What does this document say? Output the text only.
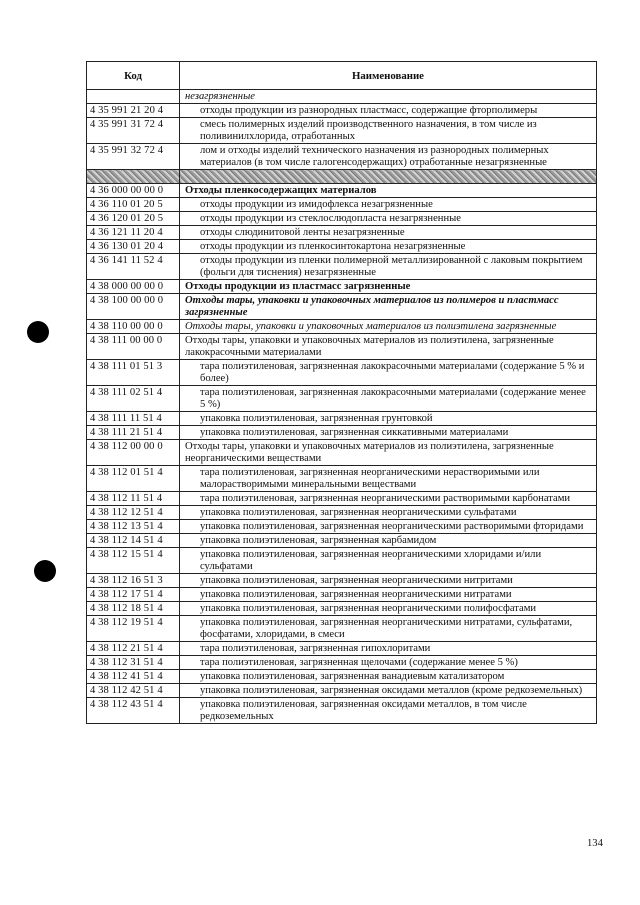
Код	Наименование
	незагрязненные
4 35 991 21 20 4	отходы продукции из разнородных пластмасс, содержащие фторполимеры
4 35 991 31 72 4	смесь полимерных изделий производственного назначения, в том числе из поливинилхлорида, отработанных
4 35 991 32 72 4	лом и отходы изделий технического назначения из разнородных полимерных материалов (в том числе галогенсодержащих) отработанные незагрязненные

4 36 000 00 00 0	Отходы пленкосодержащих материалов
4 36 110 01 20 5	отходы продукции из имидофлекса незагрязненные
4 36 120 01 20 5	отходы продукции из стеклослюдопласта незагрязненные
4 36 121 11 20 4	отходы слюдинитовой ленты незагрязненные
4 36 130 01 20 4	отходы продукции из пленкосинтокартона незагрязненные
4 36 141 11 52 4	отходы продукции из пленки полимерной металлизированной с лаковым покрытием (фольги для тиснения) незагрязненные
4 38 000 00 00 0	Отходы продукции из пластмасс загрязненные
4 38 100 00 00 0	Отходы тары, упаковки и упаковочных материалов из полимеров и пластмасс загрязненные
4 38 110 00 00 0	Отходы тары, упаковки и упаковочных материалов из полиэтилена загрязненные
4 38 111 00 00 0	Отходы тары, упаковки и упаковочных материалов из полиэтилена, загрязненные лакокрасочными материалами
4 38 111 01 51 3	тара полиэтиленовая, загрязненная лакокрасочными материалами (содержание 5 % и более)
4 38 111 02 51 4	тара полиэтиленовая, загрязненная лакокрасочными материалами (содержание менее 5 %)
4 38 111 11 51 4	упаковка полиэтиленовая, загрязненная грунтовкой
4 38 111 21 51 4	упаковка полиэтиленовая, загрязненная сиккативными материалами
4 38 112 00 00 0	Отходы тары, упаковки и упаковочных материалов из полиэтилена, загрязненные неорганическими веществами
4 38 112 01 51 4	тара полиэтиленовая, загрязненная неорганическими нерастворимыми или малорастворимыми минеральными веществами
4 38 112 11 51 4	тара полиэтиленовая, загрязненная неорганическими растворимыми карбонатами
4 38 112 12 51 4	упаковка полиэтиленовая, загрязненная неорганическими сульфатами
4 38 112 13 51 4	упаковка полиэтиленовая, загрязненная неорганическими растворимыми фторидами
4 38 112 14 51 4	упаковка полиэтиленовая, загрязненная карбамидом
4 38 112 15 51 4	упаковка полиэтиленовая, загрязненная неорганическими хлоридами и/или сульфатами
4 38 112 16 51 3	упаковка полиэтиленовая, загрязненная неорганическими нитритами
4 38 112 17 51 4	упаковка полиэтиленовая, загрязненная неорганическими нитратами
4 38 112 18 51 4	упаковка полиэтиленовая, загрязненная неорганическими полифосфатами
4 38 112 19 51 4	упаковка полиэтиленовая, загрязненная неорганическими нитратами, сульфатами, фосфатами, хлоридами, в смеси
4 38 112 21 51 4	тара полиэтиленовая, загрязненная гипохлоритами
4 38 112 31 51 4	тара полиэтиленовая, загрязненная щелочами (содержание менее 5 %)
4 38 112 41 51 4	упаковка полиэтиленовая, загрязненная ванадиевым катализатором
4 38 112 42 51 4	упаковка полиэтиленовая, загрязненная оксидами металлов (кроме редкоземельных)
4 38 112 43 51 4	упаковка полиэтиленовая, загрязненная оксидами металлов, в том числе редкоземельных
134
